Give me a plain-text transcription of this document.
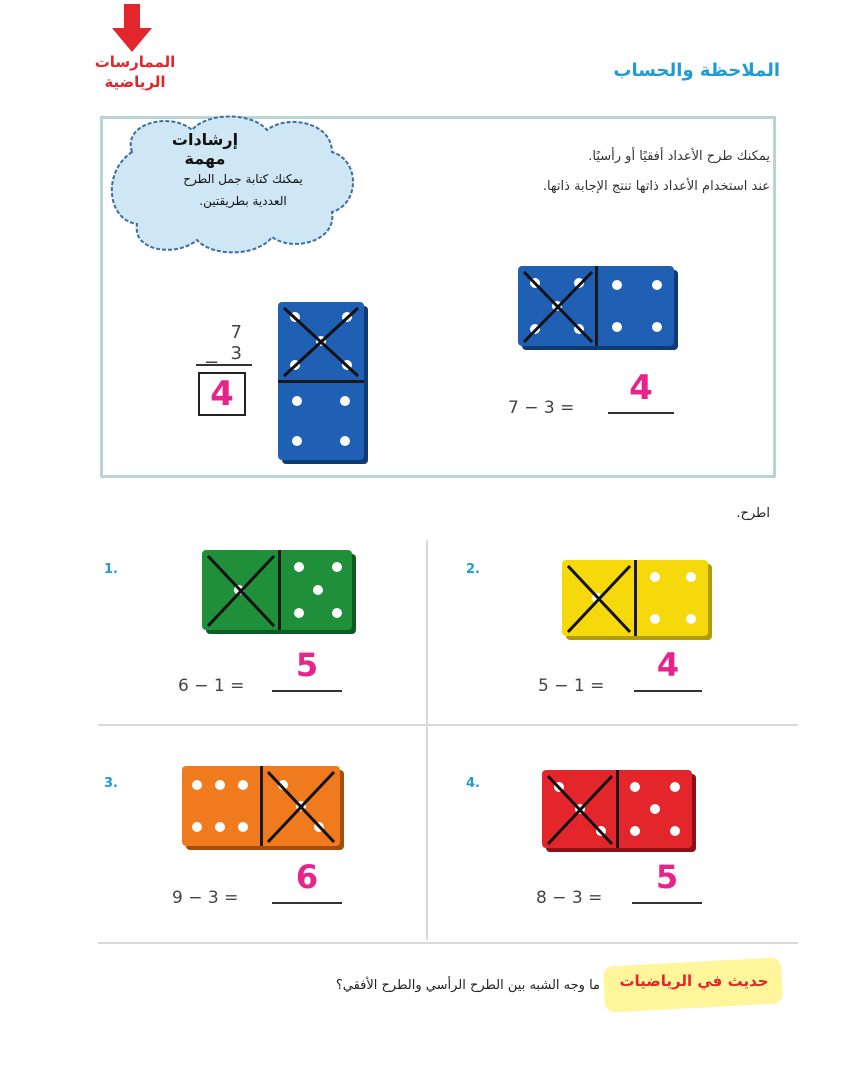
الممارسات
الرياضية
الملاحظة والحساب
يمكنك طرح الأعداد أفقيًا أو رأسيًا.
عند استخدام الأعداد ذاتها تنتج الإجابة ذاتها.
إرشادات مهمة
يمكنك كتابة جمل الطرح
العددية بطريقتين.
7
3
−
4	7 − 3 =	4
اطرح.
1.
6 − 1 =
5
2.
5 − 1 =
4
3.
9 − 3 =
6
4.
8 − 3 =
5
حديث في الرياضيات
ما وجه الشبه بين الطرح الرأسي والطرح الأفقي؟
